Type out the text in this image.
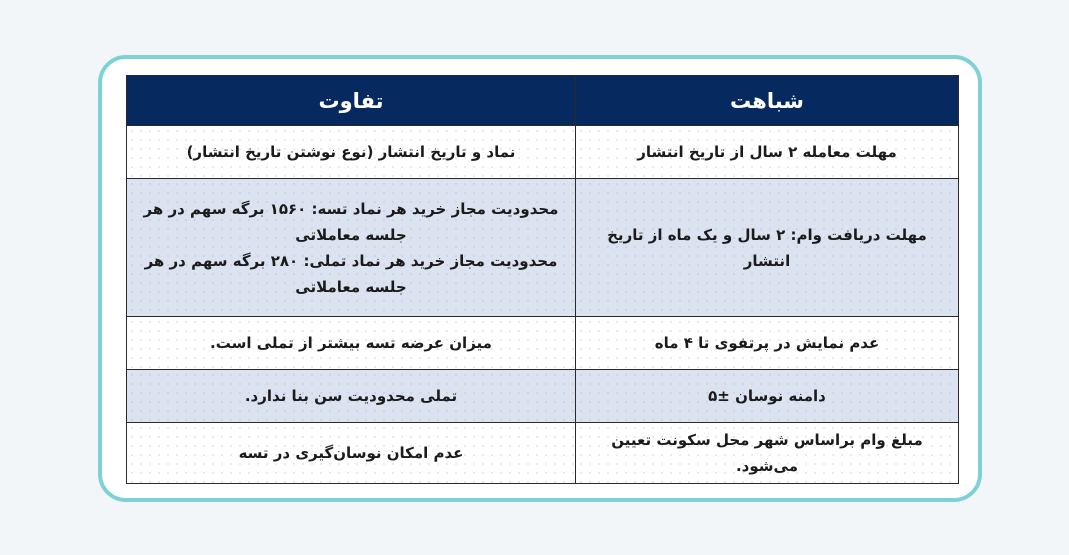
شباهت	تفاوت
مهلت معامله ۲ سال از تاریخ انتشار	نماد و تاریخ انتشار (نوع نوشتن تاریخ انتشار)

مهلت دریافت وام: ۲ سال و یک ماه از تاریخ انتشار	محدودیت مجاز خرید هر نماد تسه: ۱۵۶۰ برگه سهم در هر
جلسه معاملاتی
محدودیت مجاز خرید هر نماد تملی: ۲۸۰ برگه سهم در هر
جلسه معاملاتی

عدم نمایش در پرتفوی تا ۴ ماه	میزان عرضه تسه بیشتر از تملی است.

دامنه نوسان ±۵	تملی محدودیت سن بنا ندارد.

مبلغ وام براساس شهر محل سکونت تعیین می‌شود.	عدم امکان نوسان‌گیری در تسه
